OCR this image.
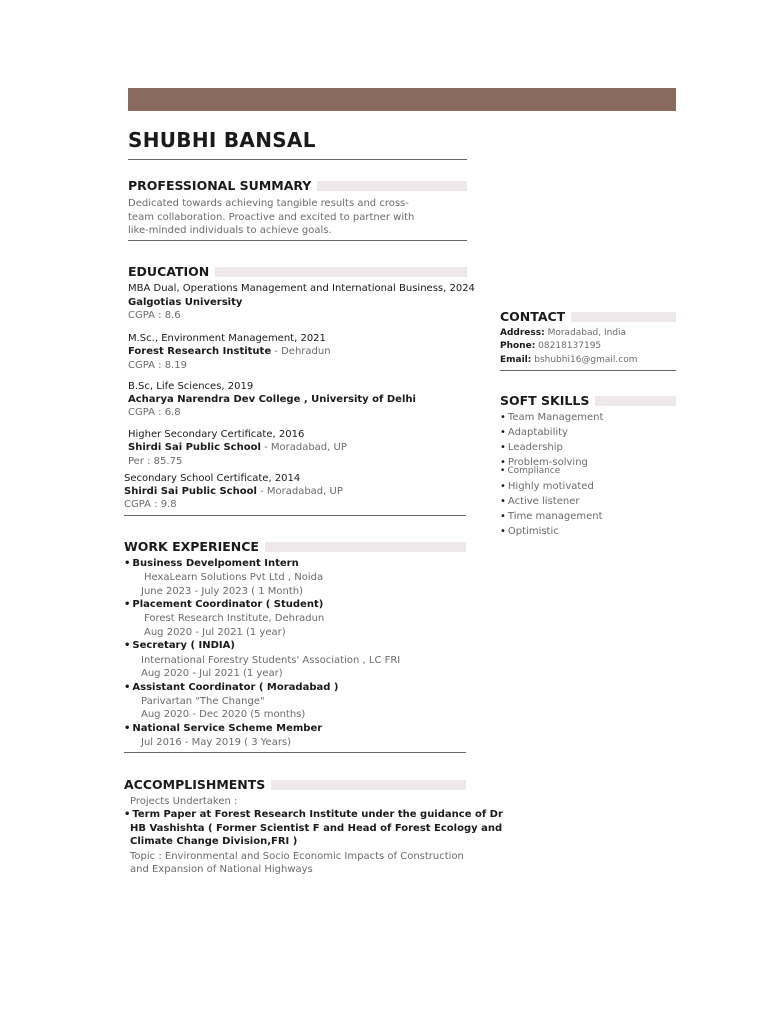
SHUBHI BANSAL
PROFESSIONAL SUMMARY

Dedicated towards achieving tangible results and cross-team collaboration. Proactive and excited to partner with like-minded individuals to achieve goals.

EDUCATION
MBA Dual, Operations Management and International Business, 2024
Galgotias University
CGPA : 8.6
M.Sc., Environment Management, 2021
Forest Research Institute - Dehradun
CGPA : 8.19
B.Sc, Life Sciences, 2019
Acharya Narendra Dev College , University of Delhi
CGPA : 6.8
Higher Secondary Certificate, 2016
Shirdi Sai Public School - Moradabad, UP
Per : 85.75
Secondary School Certificate, 2014
Shirdi Sai Public School - Moradabad, UP
CGPA : 9.8
WORK EXPERIENCE
• Business Develpoment Intern
HexaLearn Solutions Pvt Ltd , Noida
June 2023 - July 2023 ( 1 Month)
• Placement Coordinator ( Student)
Forest Research Institute, Dehradun
Aug 2020 - Jul 2021 (1 year)
• Secretary ( INDIA)
International Forestry Students' Association , LC FRI
Aug 2020 - Jul 2021 (1 year)
• Assistant Coordinator ( Moradabad )
Parivartan "The Change"
Aug 2020 - Dec 2020 (5 months)
• National Service Scheme Member
Jul 2016 - May 2019 ( 3 Years)
ACCOMPLISHMENTS
Projects Undertaken :
• Term Paper at Forest Research Institute under the guidance of Dr
HB Vashishta ( Former Scientist F and Head of Forest Ecology and
Climate Change Division,FRI )
Topic : Environmental and Socio Economic Impacts of Construction
and Expansion of National Highways
CONTACT
Address: Moradabad, India
Phone: 08218137195
Email: bshubhi16@gmail.com
SOFT SKILLS
• Team Management
• Adaptability
• Leadership
• Problem-solving
• Compliance
• Highly motivated
• Active listener
• Time management
• Optimistic
